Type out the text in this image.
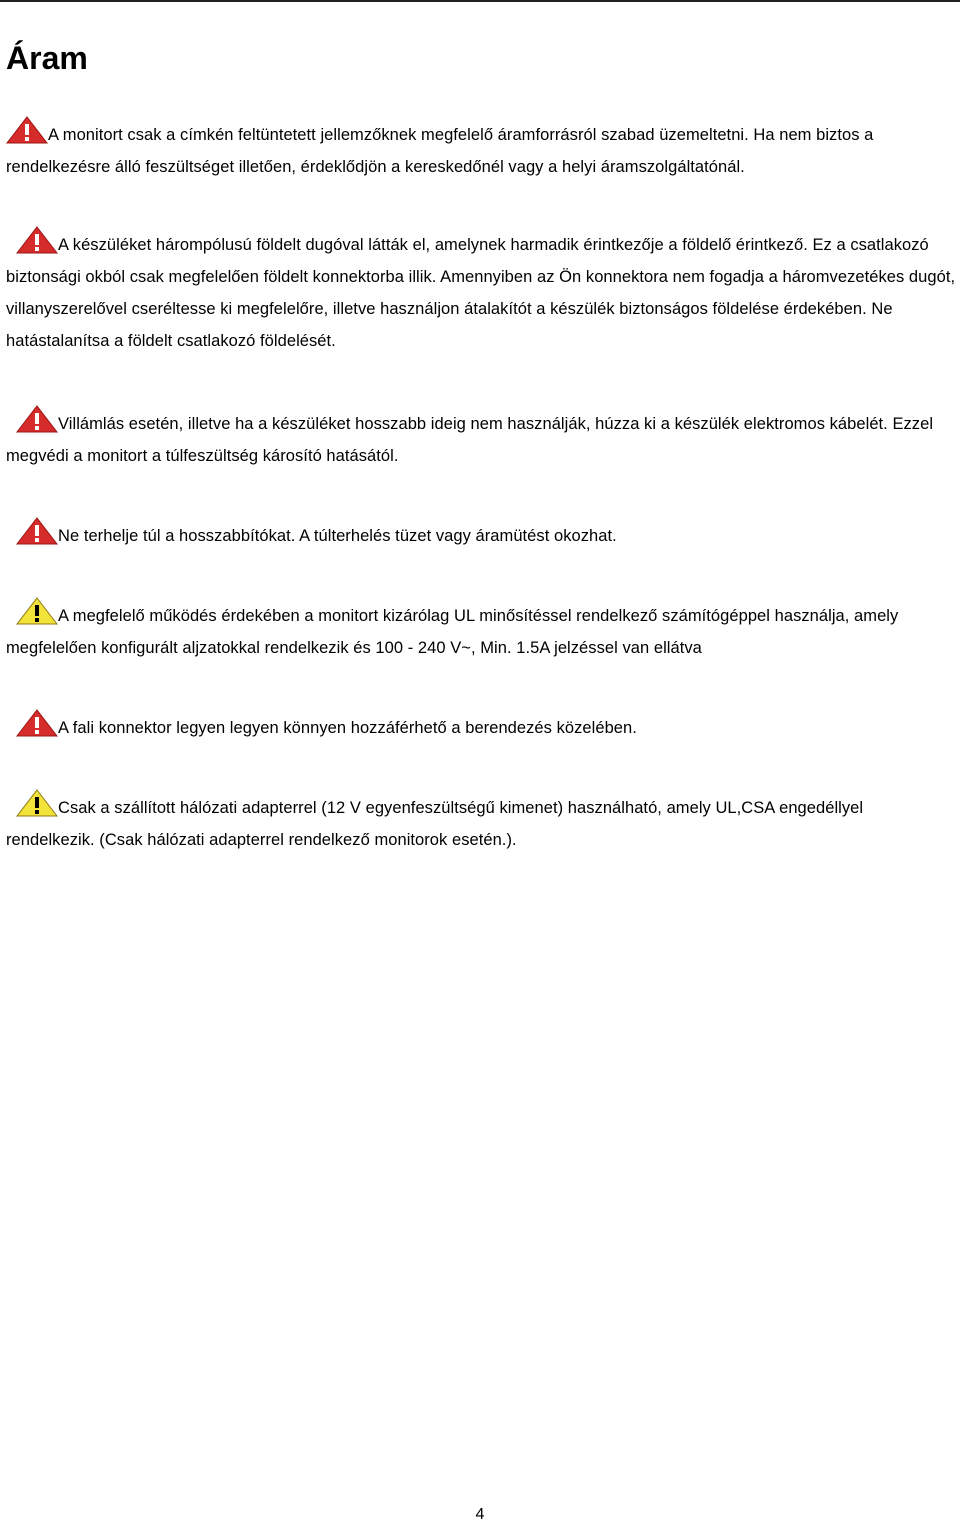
Áram

A monitort csak a címkén feltüntetett jellemzőknek megfelelő áramforrásról szabad üzemeltetni. Ha nem biztos a rendelkezésre álló feszültséget illetően, érdeklődjön a kereskedőnél vagy a helyi áramszolgáltatónál.

A készüléket hárompólusú földelt dugóval látták el, amelynek harmadik érintkezője a földelő érintkező. Ez a csatlakozó biztonsági okból csak megfelelően földelt konnektorba illik. Amennyiben az Ön konnektora nem fogadja a háromvezetékes dugót, villanyszerelővel cseréltesse ki megfelelőre, illetve használjon átalakítót a készülék biztonságos földelése érdekében. Ne hatástalanítsa a földelt csatlakozó földelését.

Villámlás esetén, illetve ha a készüléket hosszabb ideig nem használják, húzza ki a készülék elektromos kábelét. Ezzel megvédi a monitort a túlfeszültség károsító hatásától.

Ne terhelje túl a hosszabbítókat. A túlterhelés tüzet vagy áramütést okozhat.

A megfelelő működés érdekében a monitort kizárólag UL minősítéssel rendelkező számítógéppel használja, amely megfelelően konfigurált aljzatokkal rendelkezik és 100 - 240 V~, Min. 1.5A jelzéssel van ellátva

A fali konnektor legyen legyen könnyen hozzáférhető a berendezés közelében.

Csak a szállított hálózati adapterrel (12 V egyenfeszültségű kimenet) használható, amely UL,CSA engedéllyel rendelkezik. (Csak hálózati adapterrel rendelkező monitorok esetén.).

4
